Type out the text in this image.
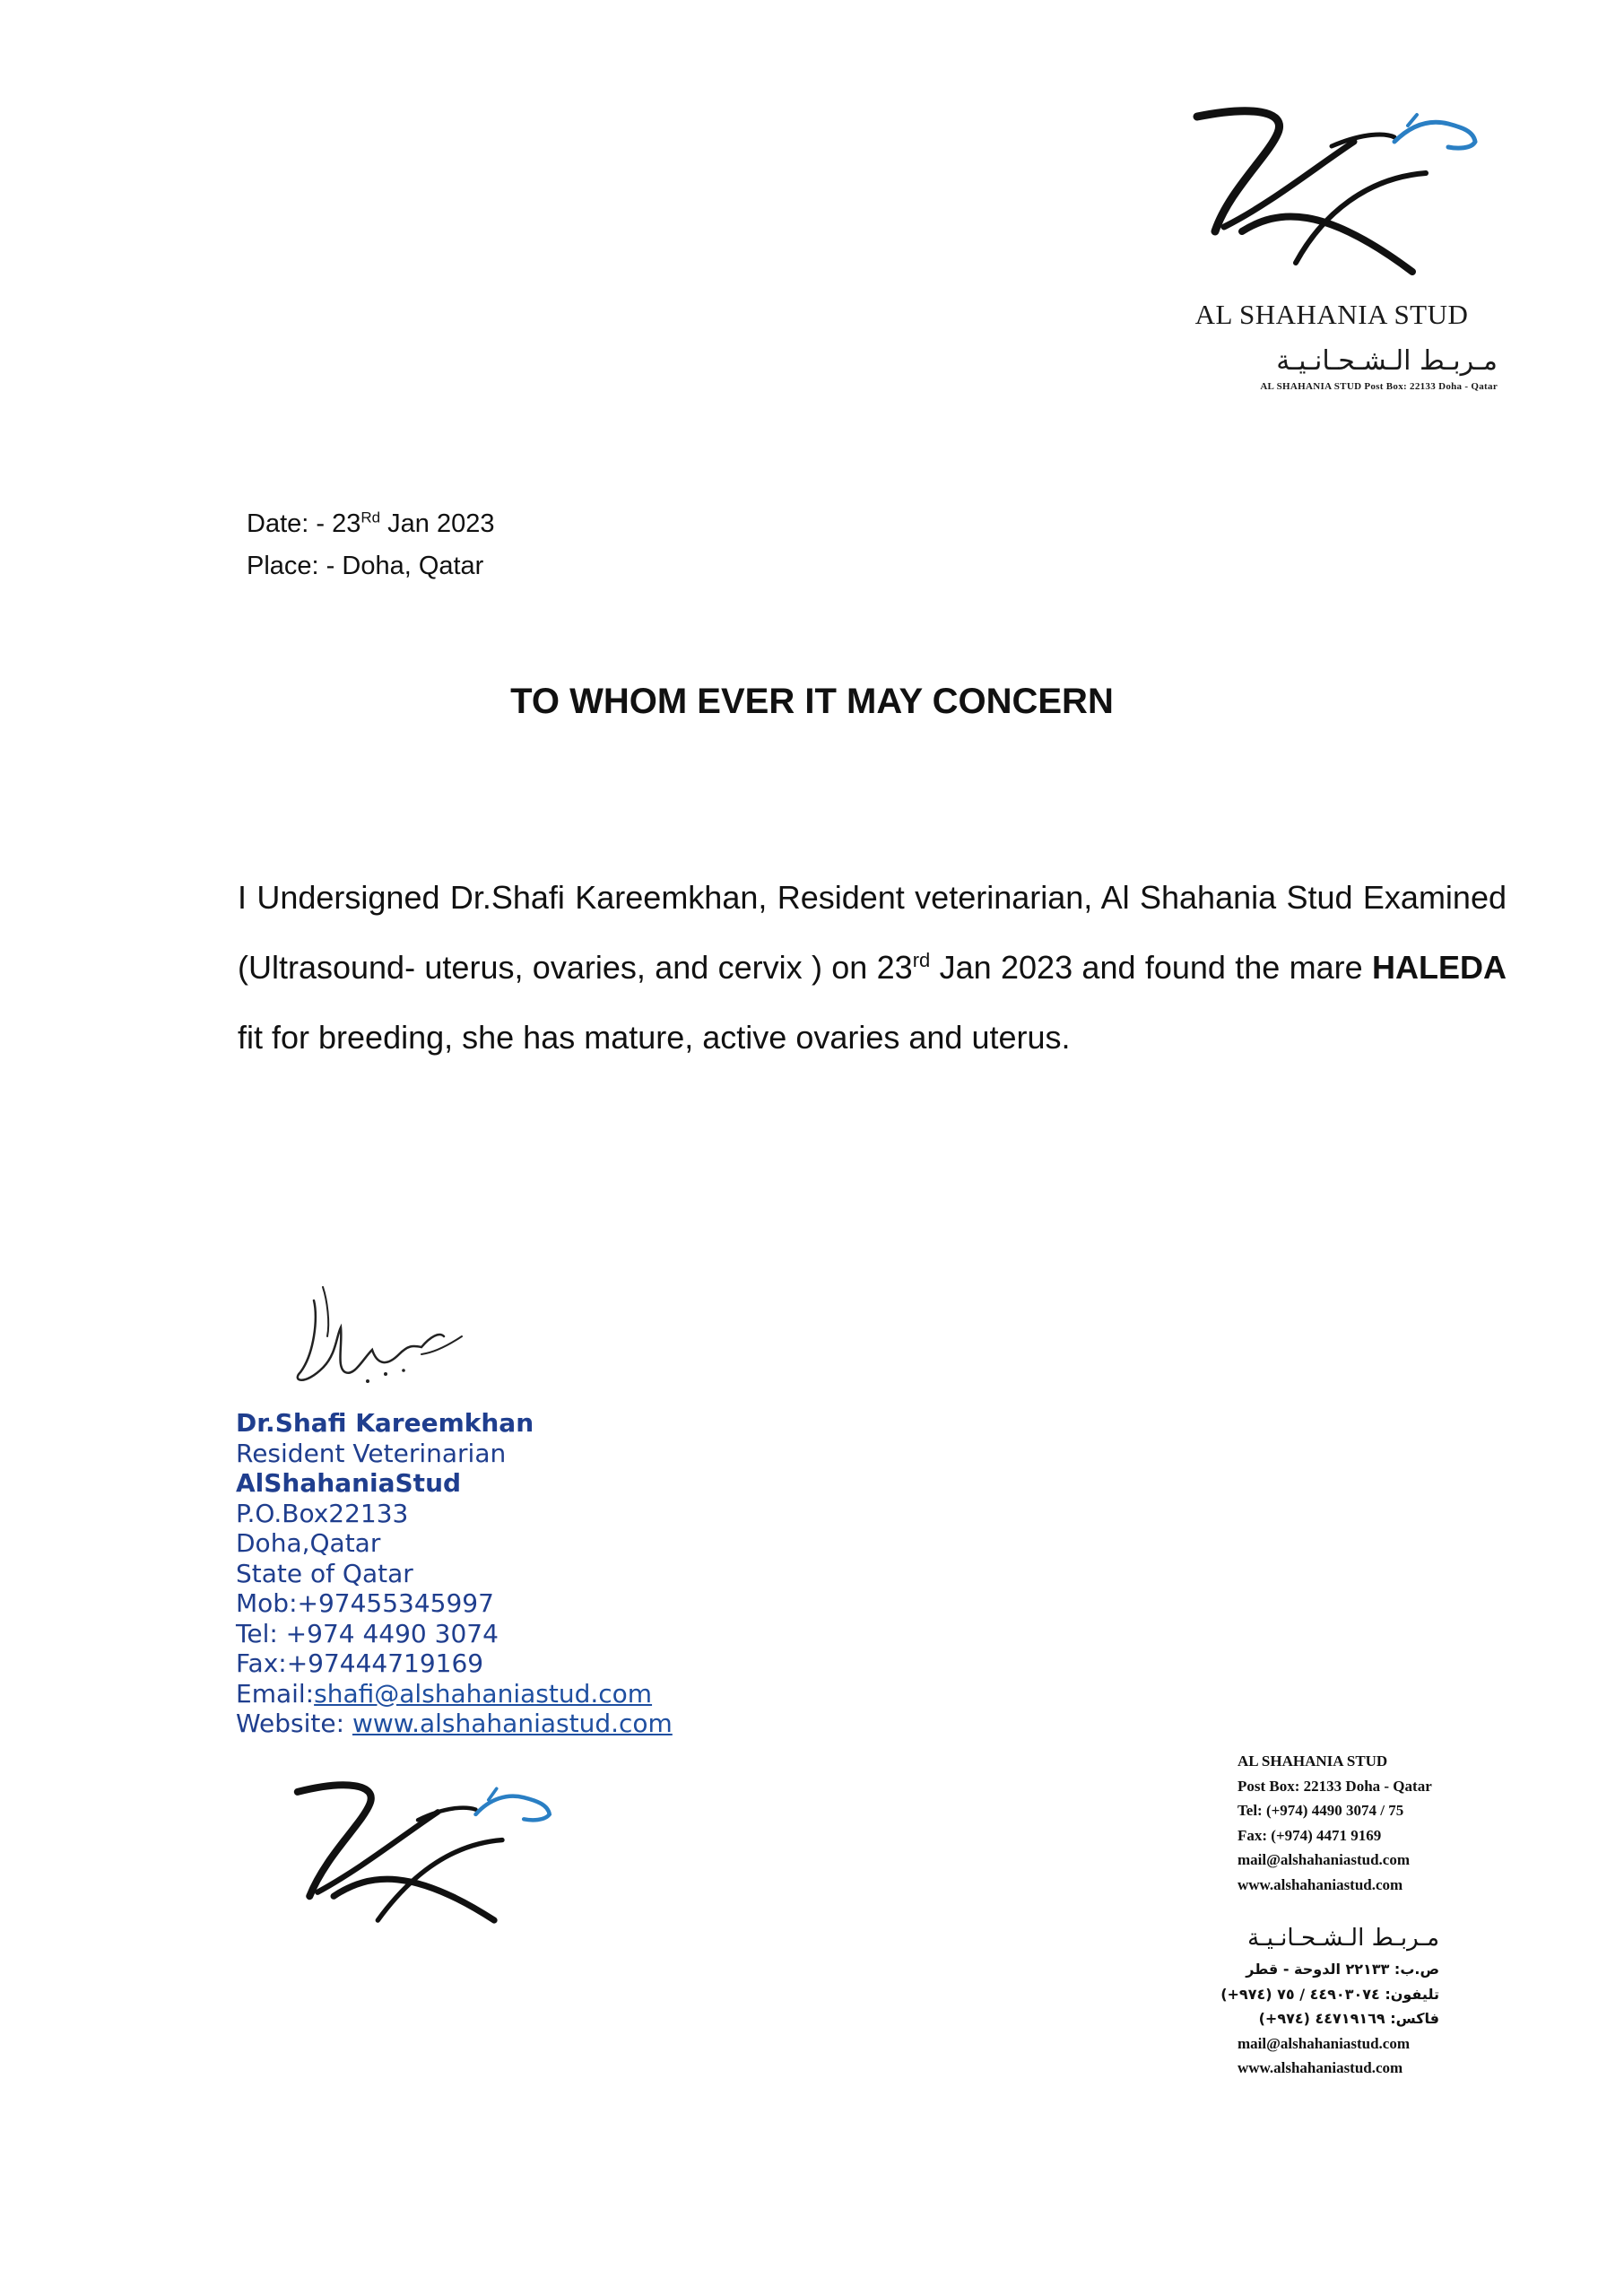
AL SHAHANIA STUD
مـربـط الـشـحـانـيـة
AL SHAHANIA STUD Post Box: 22133 Doha - Qatar
Date: - 23Rd Jan 2023
Place: - Doha, Qatar
TO WHOM EVER IT MAY CONCERN
I Undersigned Dr.Shafi Kareemkhan, Resident veterinarian, Al Shahania Stud Examined (Ultrasound- uterus, ovaries, and cervix ) on 23rd Jan 2023 and found the mare HALEDA fit for breeding, she has mature, active ovaries and uterus.
Dr.Shafi Kareemkhan
Resident Veterinarian
AlShahaniaStud
P.O.Box22133
Doha,Qatar
State of Qatar
Mob:+97455345997
Tel: +974 4490 3074
Fax:+97444719169
Email:shafi@alshahaniastud.com
Website: www.alshahaniastud.com
AL SHAHANIA STUD
Post Box: 22133 Doha - Qatar
Tel: (+974) 4490 3074 / 75
Fax: (+974) 4471 9169
mail@alshahaniastud.com
www.alshahaniastud.com
مـربـط الـشـحـانـيـة
ص.ب: ٢٢١٣٣ الدوحة - قطر
تليفون: ٤٤٩٠٣٠٧٤ / ٧٥ (٩٧٤+)
فاكس: ٤٤٧١٩١٦٩ (٩٧٤+)
mail@alshahaniastud.com
www.alshahaniastud.com
